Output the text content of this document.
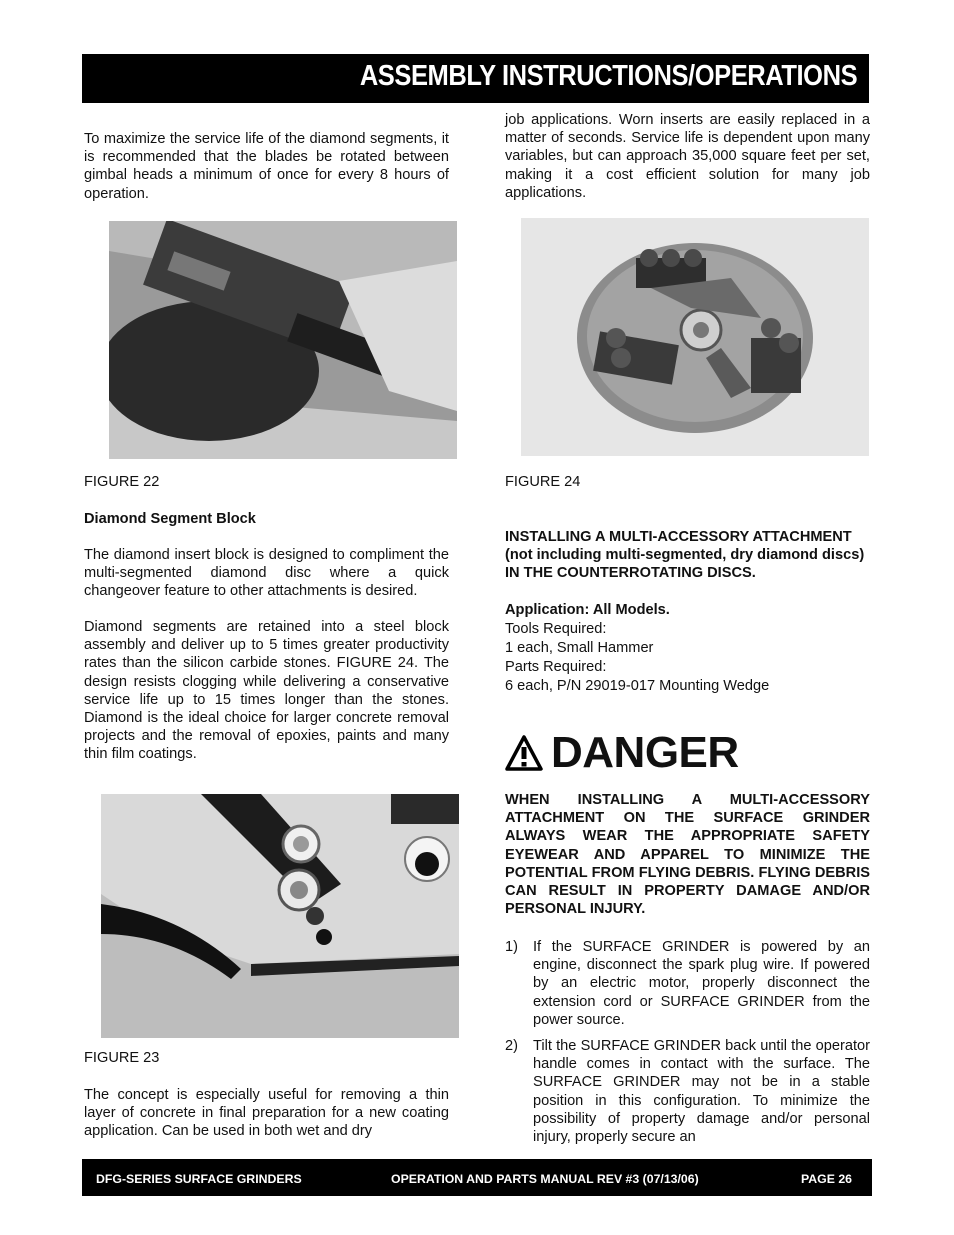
ASSEMBLY INSTRUCTIONS/OPERATIONS
To maximize the service life of the diamond segments, it is recommended that the blades be rotated between gimbal heads a minimum of once for every 8 hours of operation.
FIGURE 22
Diamond Segment Block
The diamond insert block is designed to compliment the multi-segmented diamond disc where a quick changeover feature to other attachments is desired.
Diamond segments are retained into a steel block assembly and deliver up to 5 times greater productivity rates than the silicon carbide stones. FIGURE 24. The design resists clogging while delivering a conservative service life up to 15 times longer than the stones. Diamond is the ideal choice for larger concrete removal projects and the removal of epoxies, paints and many thin film coatings.
FIGURE 23
The concept is especially useful for removing a thin layer of concrete in final preparation for a new coating application. Can be used in both wet and dry
job applications. Worn inserts are easily replaced in a matter of seconds. Service life is dependent upon many variables, but can approach 35,000 square feet per set, making it a cost efficient solution for many job applications.
FIGURE 24
INSTALLING A MULTI-ACCESSORY ATTACHMENT (not including multi-segmented, dry diamond discs) IN THE COUNTERROTATING DISCS.
Application: All Models.
Tools Required:
1 each, Small Hammer
Parts Required:
6 each, P/N 29019-017 Mounting Wedge
DANGER
WHEN INSTALLING A MULTI-ACCESSORY ATTACHMENT ON THE SURFACE GRINDER ALWAYS WEAR THE APPROPRIATE SAFETY EYEWEAR AND APPAREL TO MINIMIZE THE POTENTIAL FROM FLYING DEBRIS. FLYING DEBRIS CAN RESULT IN PROPERTY DAMAGE AND/OR PERSONAL INJURY.
1)	If the SURFACE GRINDER is powered by an engine, disconnect the spark plug wire. If powered by an electric motor, properly disconnect the extension cord or SURFACE GRINDER from the power source.
2)	Tilt the SURFACE GRINDER back until the operator handle comes in contact with the surface. The SURFACE GRINDER may not be in a stable position in this configuration. To minimize the possibility of property damage and/or personal injury, properly secure an
DFG-SERIES SURFACE GRINDERS	OPERATION AND PARTS MANUAL REV #3 (07/13/06)	PAGE 26
